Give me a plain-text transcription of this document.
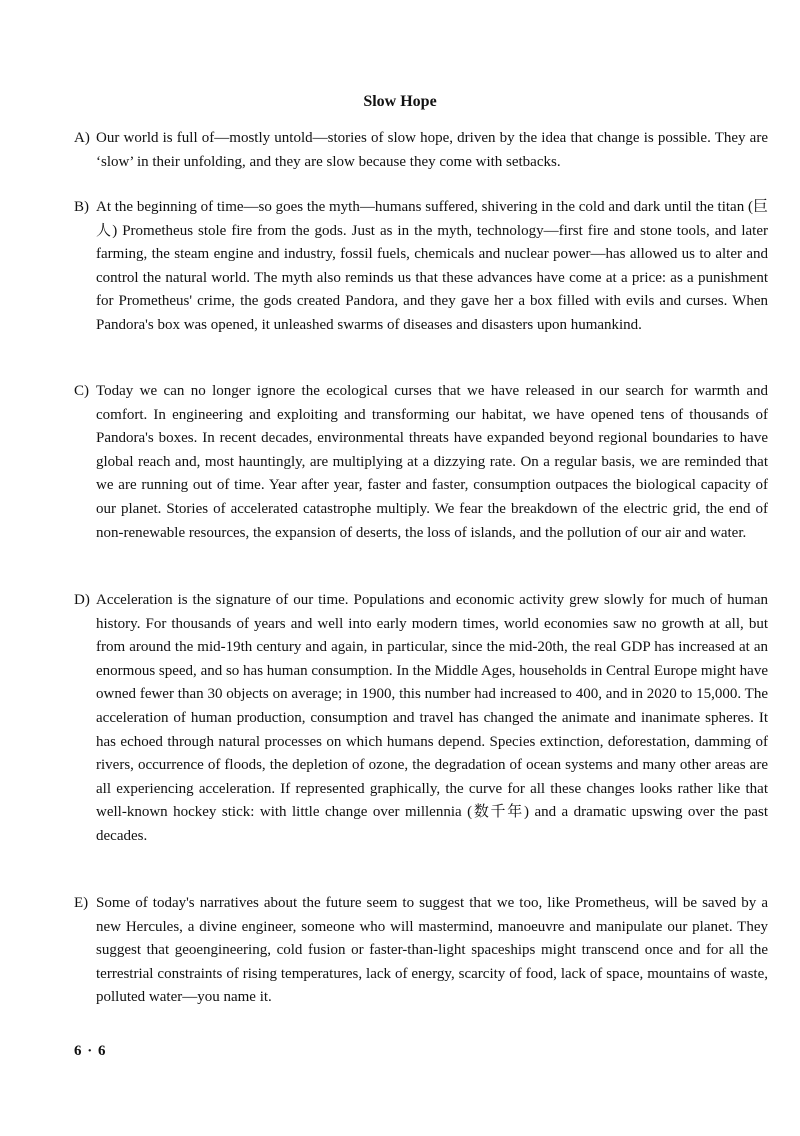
Slow Hope
A) Our world is full of—mostly untold—stories of slow hope, driven by the idea that change is possible. They are ‘slow’ in their unfolding, and they are slow because they come with setbacks.

B) At the beginning of time—so goes the myth—humans suffered, shivering in the cold and dark until the titan (巨人) Prometheus stole fire from the gods. Just as in the myth, technology—first fire and stone tools, and later farming, the steam engine and industry, fossil fuels, chemicals and nuclear power—has allowed us to alter and control the natural world. The myth also reminds us that these advances have come at a price: as a punishment for Prometheus' crime, the gods created Pandora, and they gave her a box filled with evils and curses. When Pandora's box was opened, it unleashed swarms of diseases and disasters upon humankind.

C) Today we can no longer ignore the ecological curses that we have released in our search for warmth and comfort. In engineering and exploiting and transforming our habitat, we have opened tens of thousands of Pandora's boxes. In recent decades, environmental threats have expanded beyond regional boundaries to have global reach and, most hauntingly, are multiplying at a dizzying rate. On a regular basis, we are reminded that we are running out of time. Year after year, faster and faster, consumption outpaces the biological capacity of our planet. Stories of accelerated catastrophe multiply. We fear the breakdown of the electric grid, the end of non-renewable resources, the expansion of deserts, the loss of islands, and the pollution of our air and water.

D) Acceleration is the signature of our time. Populations and economic activity grew slowly for much of human history. For thousands of years and well into early modern times, world economies saw no growth at all, but from around the mid-19th century and again, in particular, since the mid-20th, the real GDP has increased at an enormous speed, and so has human consumption. In the Middle Ages, households in Central Europe might have owned fewer than 30 objects on average; in 1900, this number had increased to 400, and in 2020 to 15,000. The acceleration of human production, consumption and travel has changed the animate and inanimate spheres. It has echoed through natural processes on which humans depend. Species extinction, deforestation, damming of rivers, occurrence of floods, the depletion of ozone, the degradation of ocean systems and many other areas are all experiencing acceleration. If represented graphically, the curve for all these changes looks rather like that well-known hockey stick: with little change over millennia (数千年) and a dramatic upswing over the past decades.

E) Some of today's narratives about the future seem to suggest that we too, like Prometheus, will be saved by a new Hercules, a divine engineer, someone who will mastermind, manoeuvre and manipulate our planet. They suggest that geoengineering, cold fusion or faster-than-light spaceships might transcend once and for all the terrestrial constraints of rising temperatures, lack of energy, scarcity of food, lack of space, mountains of waste, polluted water—you name it.

6 · 6
